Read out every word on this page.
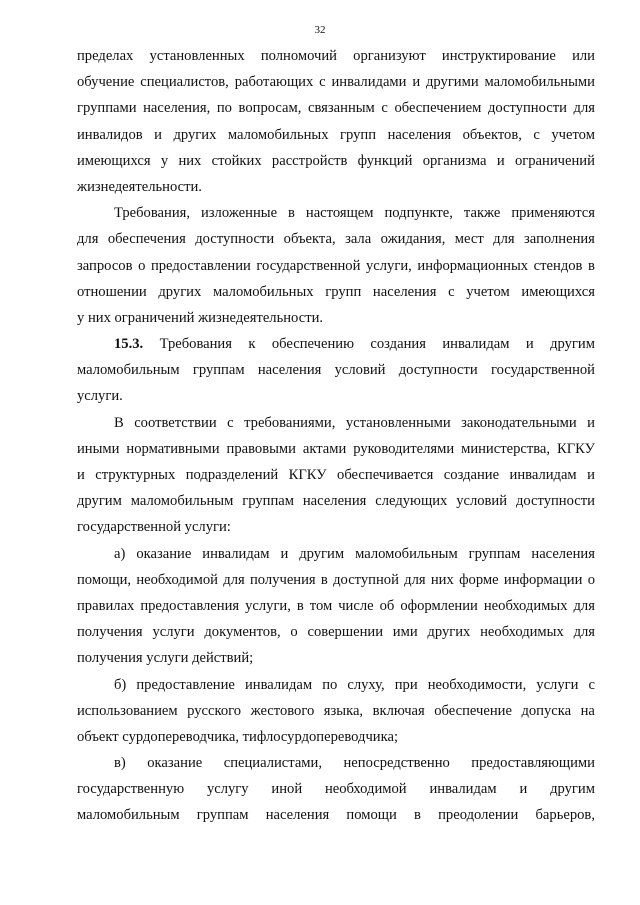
32
пределах установленных полномочий организуют инструктирование или
обучение специалистов, работающих с инвалидами и другими маломобильными
группами населения, по вопросам, связанным с обеспечением доступности для
инвалидов и других маломобильных групп населения объектов, с учетом
имеющихся у них стойких расстройств функций организма и ограничений
жизнедеятельности.
Требования, изложенные в настоящем подпункте, также применяются
для обеспечения доступности объекта, зала ожидания, мест для заполнения
запросов о предоставлении государственной услуги, информационных стендов в
отношении других маломобильных групп населения с учетом имеющихся
у них ограничений жизнедеятельности.
15.3. Требования к обеспечению создания инвалидам и другим
маломобильным группам населения условий доступности государственной
услуги.
В соответствии с требованиями, установленными законодательными и
иными нормативными правовыми актами руководителями министерства, КГКУ
и структурных подразделений КГКУ обеспечивается создание инвалидам и
другим маломобильным группам населения следующих условий доступности
государственной услуги:
а) оказание инвалидам и другим маломобильным группам населения
помощи, необходимой для получения в доступной для них форме информации о
правилах предоставления услуги, в том числе об оформлении необходимых для
получения услуги документов, о совершении ими других необходимых для
получения услуги действий;
б) предоставление инвалидам по слуху, при необходимости, услуги с
использованием русского жестового языка, включая обеспечение допуска на
объект сурдопереводчика, тифлосурдопереводчика;
в) оказание специалистами, непосредственно предоставляющими
государственную услугу иной необходимой инвалидам и другим
маломобильным группам населения помощи в преодолении барьеров,
